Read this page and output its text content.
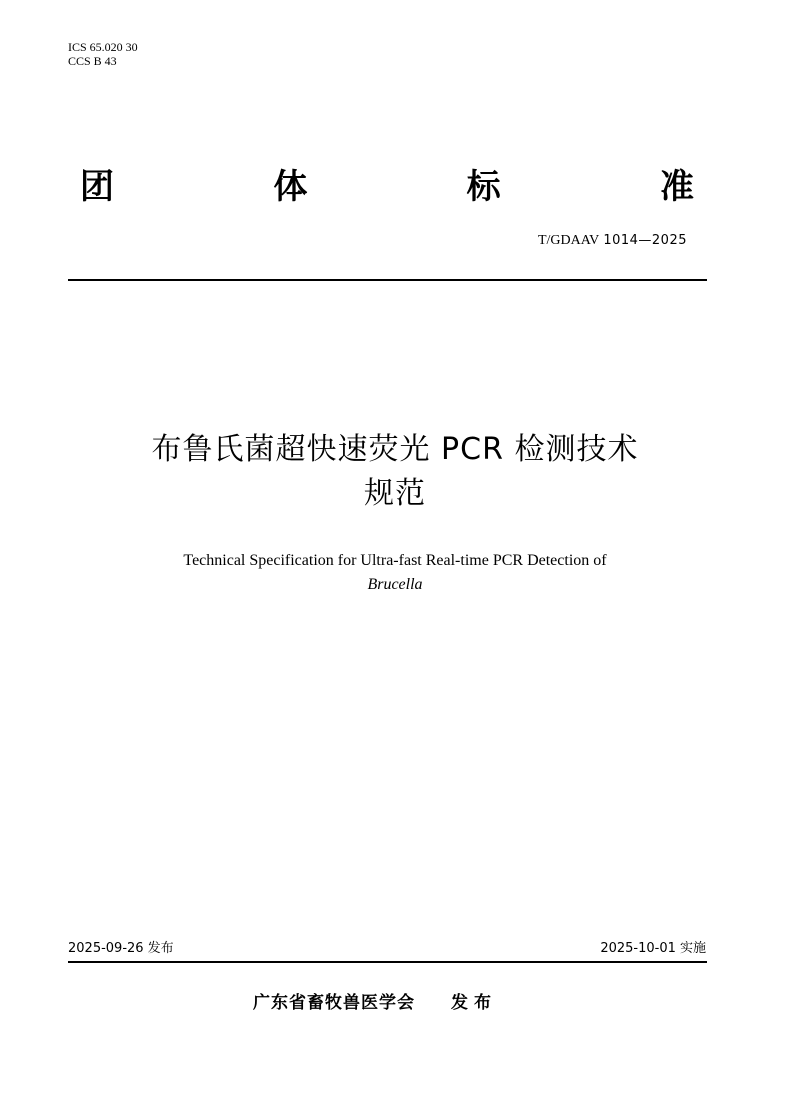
ICS 65.020 30
CCS B 43
团	体	标	准
T/GDAAV 1014—2025
布鲁氏菌超快速荧光 PCR 检测技术
规范
Technical Specification for Ultra-fast Real-time PCR Detection of
Brucella
2025-09-26 发布	2025-10-01 实施
广东省畜牧兽医学会 发布
